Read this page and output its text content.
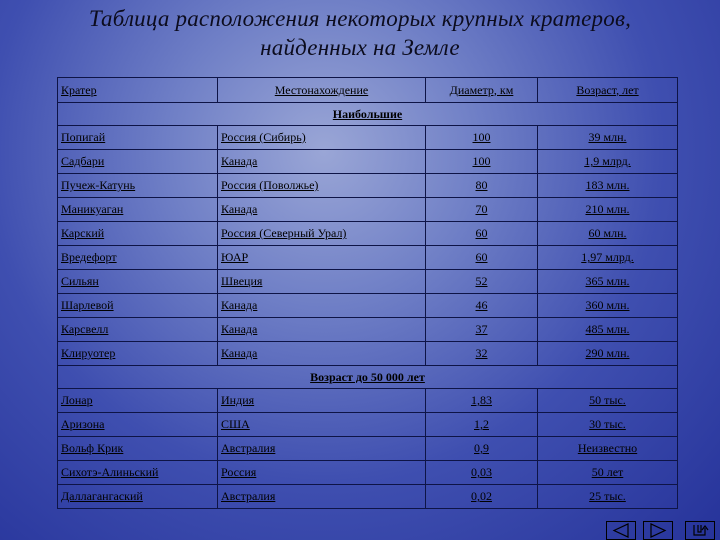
Таблица расположения некоторых крупных кратеров,
найденных на Земле
Кратер	Местонахождение	Диаметр, км	Возраст, лет
Наибольшие			
Попигай	Россия (Сибирь)	100	39 млн.
Садбари	Канада	100	1,9 млрд.
Пучеж-Катунь	Россия (Поволжье)	80	183 млн.
Маникуаган	Канада	70	210 млн.
Карский	Россия (Северный Урал)	60	60 млн.
Вредефорт	ЮАР	60	1,97 млрд.
Сильян	Швеция	52	365 млн.
Шарлевой	Канада	46	360 млн.
Карсвелл	Канада	37	485 млн.
Клируотер	Канада	32	290 млн.
Возраст до 50 000 лет			
Лонар	Индия	1,83	50 тыс.
Аризона	США	1,2	30 тыс.
Вольф Крик	Австралия	0,9	Неизвестно
Сихотэ-Алиньский	Россия	0,03	50 лет
Даллагангаский	Австралия	0,02	25 тыс.
